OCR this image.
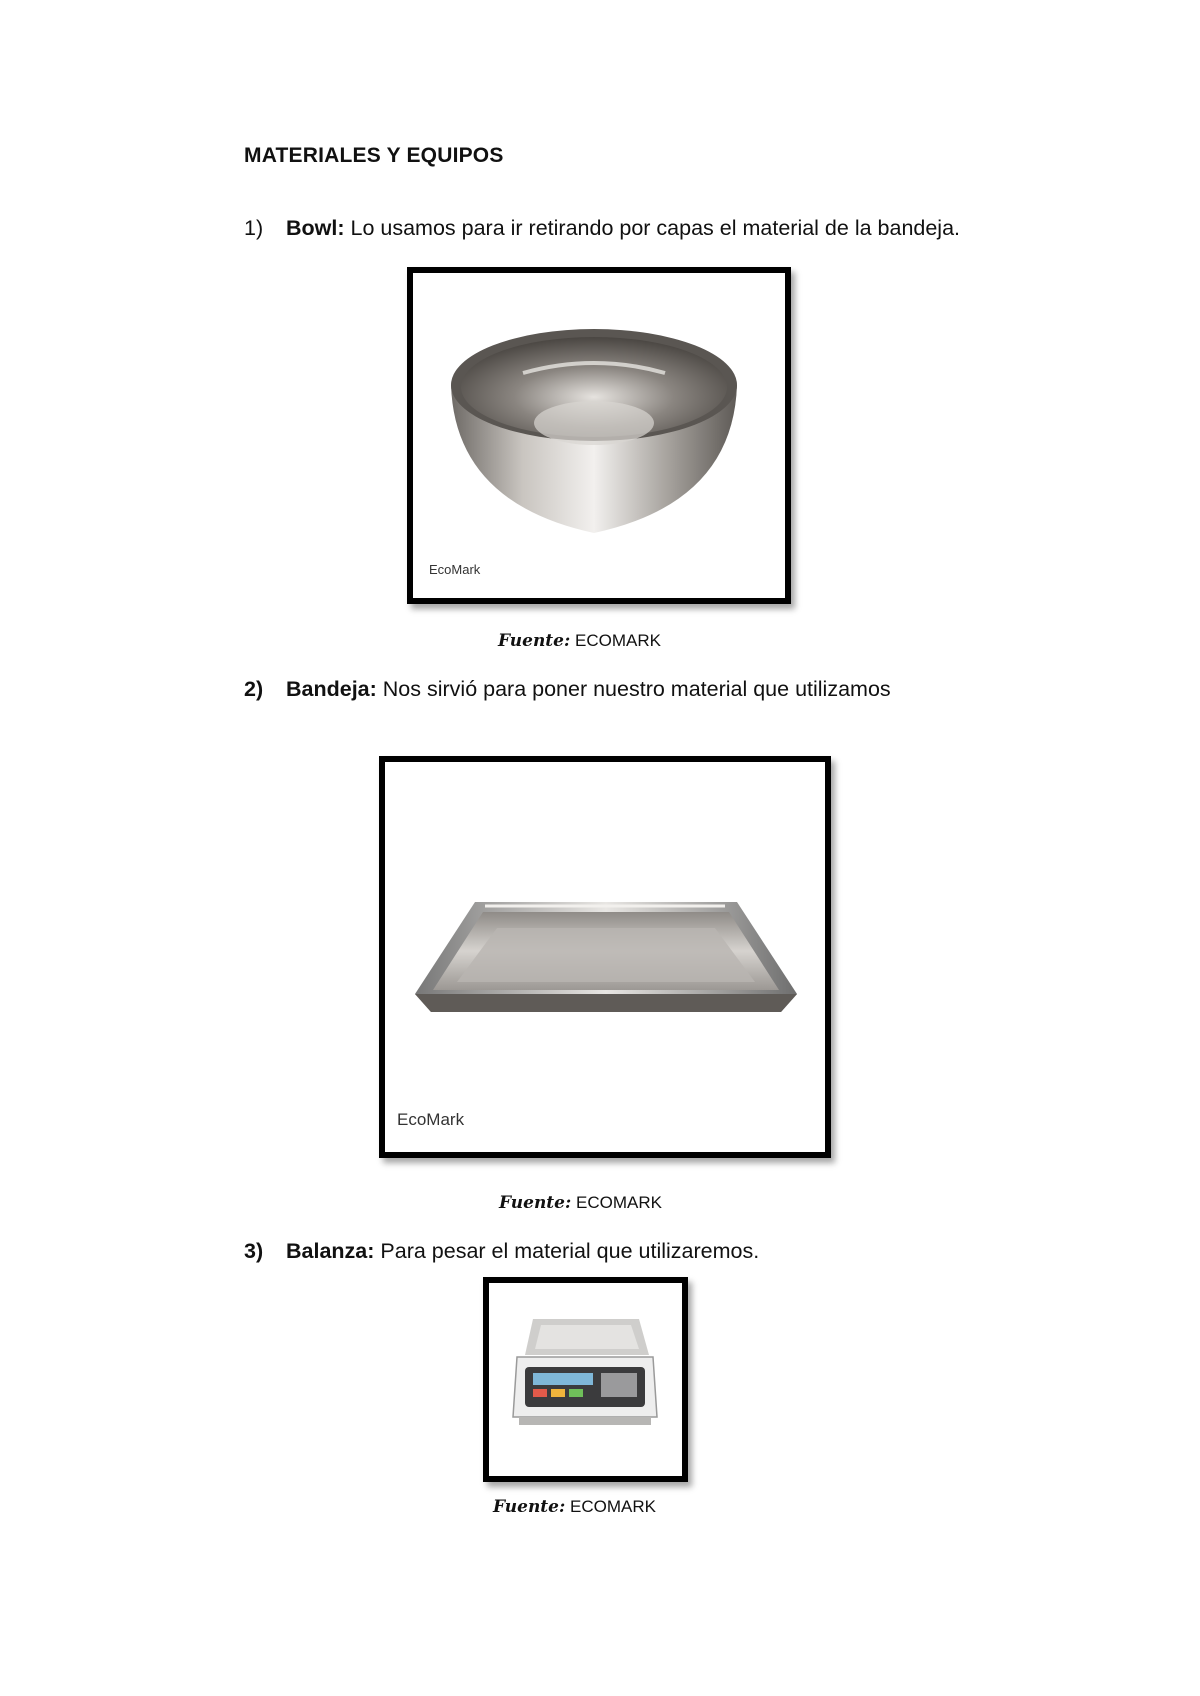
MATERIALES Y EQUIPOS
1) Bowl: Lo usamos para ir retirando por capas el material de la bandeja.
EcoMark
Fuente: ECOMARK
2) Bandeja: Nos sirvió para poner nuestro material que utilizamos
EcoMark
Fuente: ECOMARK
3) Balanza: Para pesar el material que utilizaremos.
Fuente: ECOMARK
